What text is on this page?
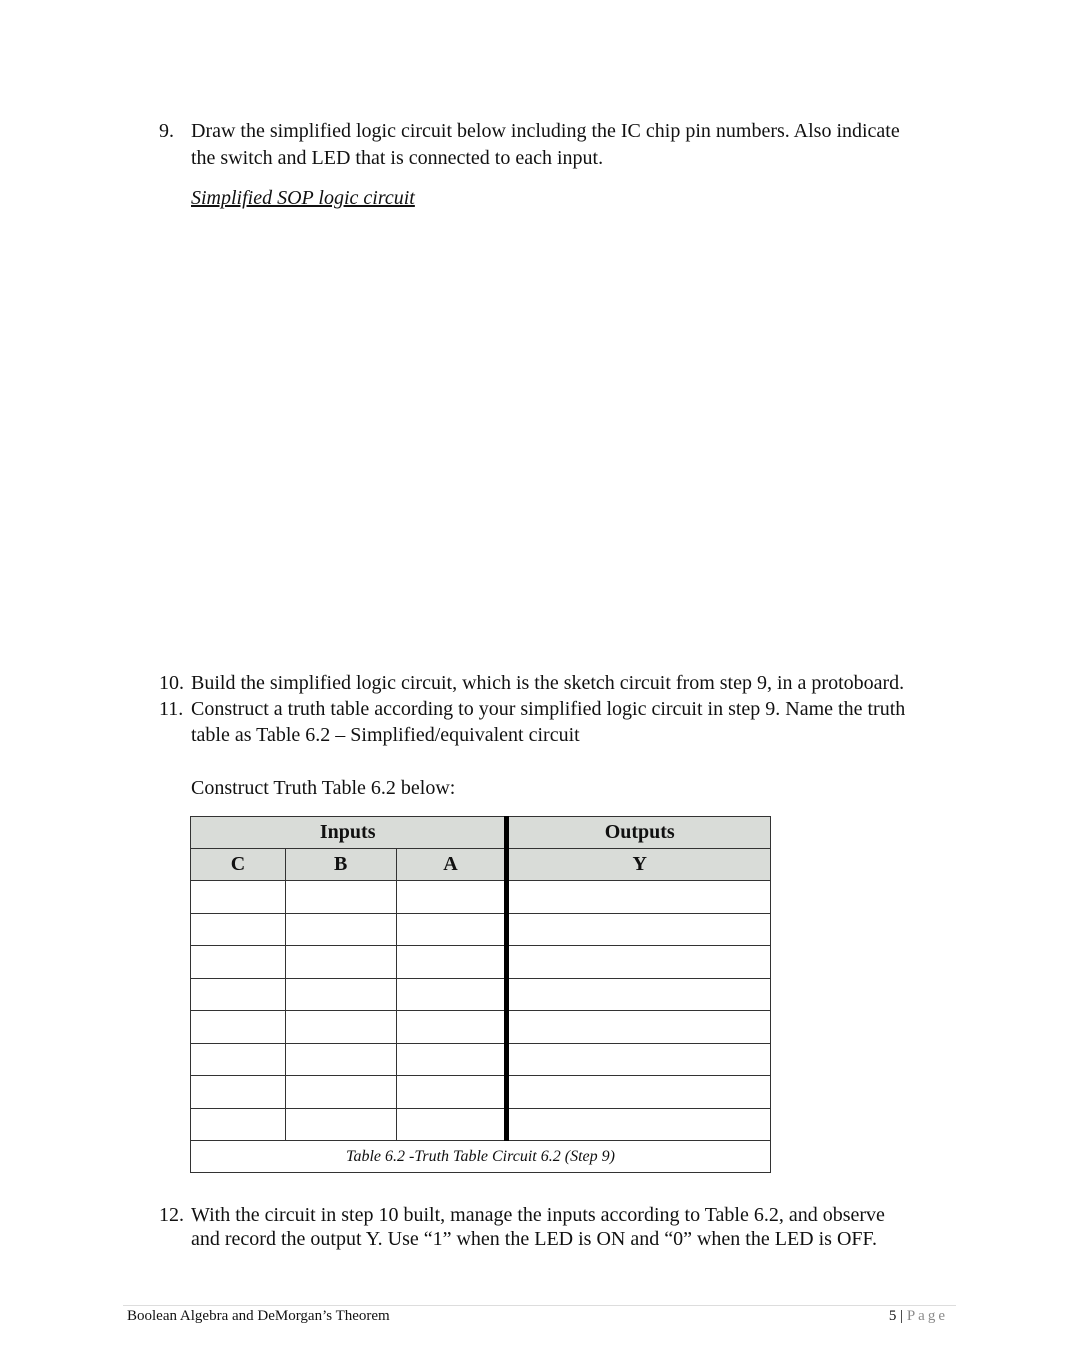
9. Draw the simplified logic circuit below including the IC chip pin numbers. Also indicate
the switch and LED that is connected to each input.
Simplified SOP logic circuit
10. Build the simplified logic circuit, which is the sketch circuit from step 9, in a protoboard.
11. Construct a truth table according to your simplified logic circuit in step 9. Name the truth
table as Table 6.2 – Simplified/equivalent circuit
Construct Truth Table 6.2 below:
Inputs			Outputs
C	B	A	Y

Table 6.2 -Truth Table Circuit 6.2 (Step 9)			
12. With the circuit in step 10 built, manage the inputs according to Table 6.2, and observe
and record the output Y. Use “1” when the LED is ON and “0” when the LED is OFF.
Boolean Algebra and DeMorgan’s Theorem	5 | Page
